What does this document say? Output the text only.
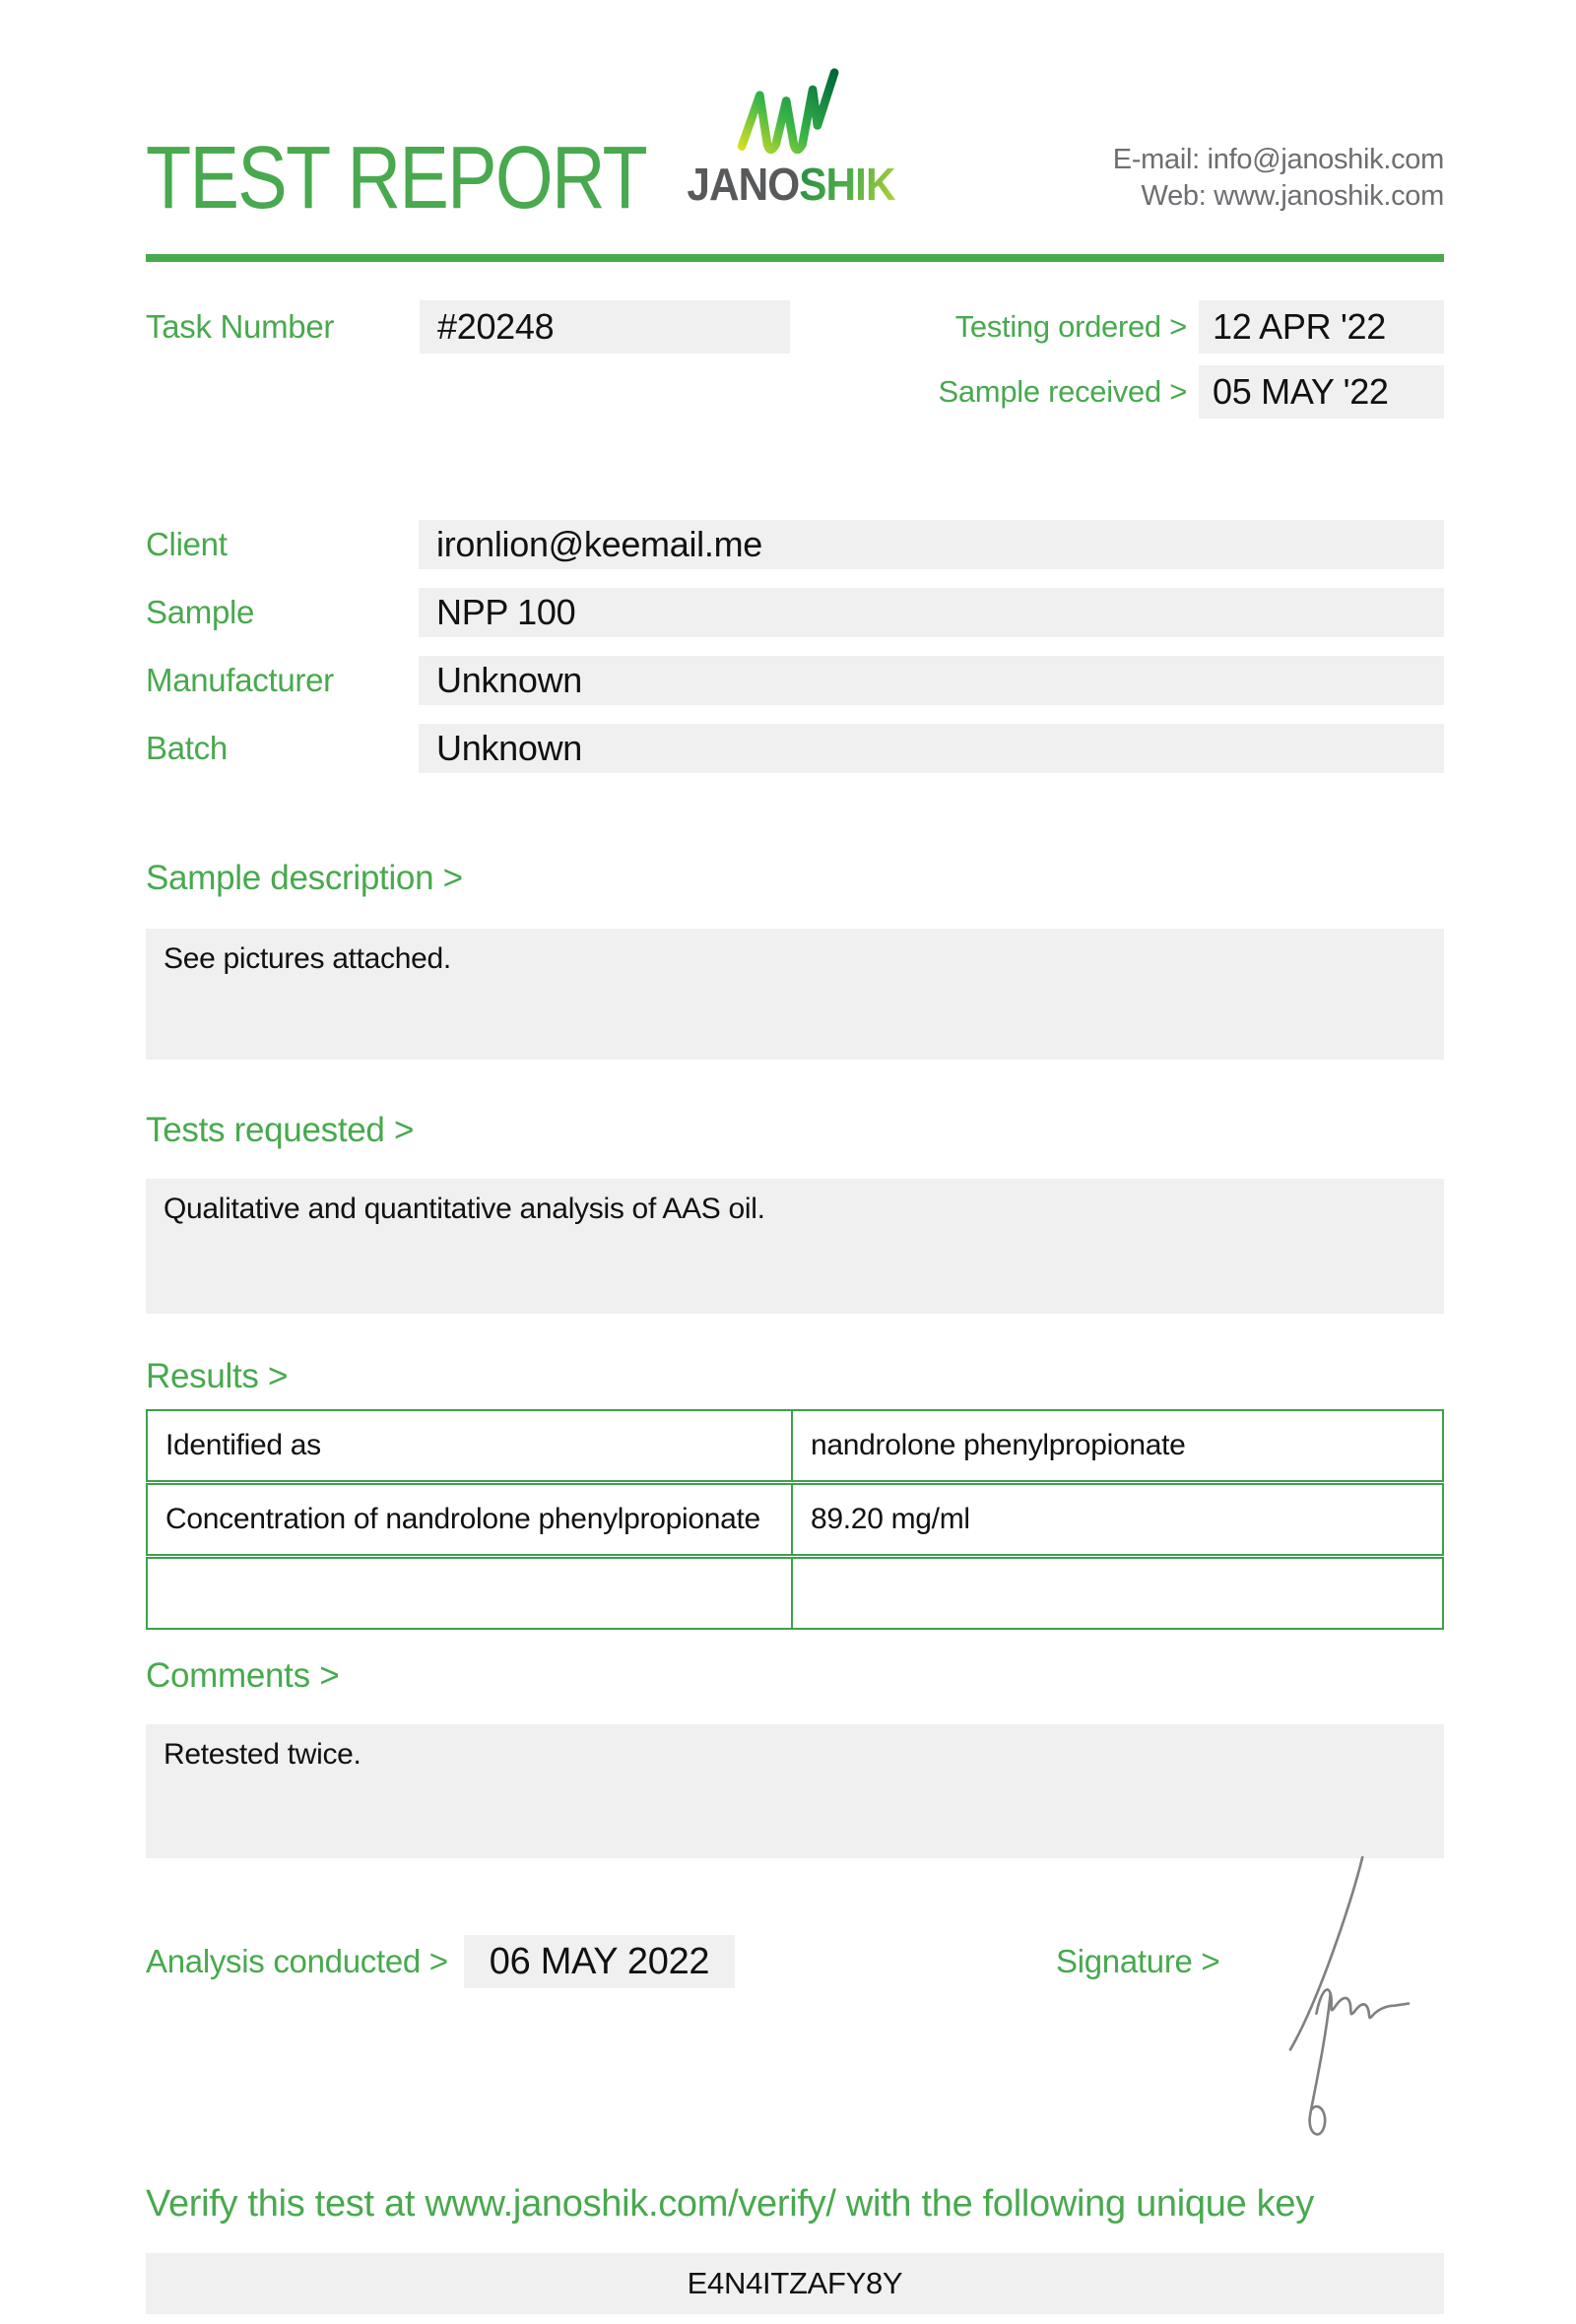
TEST REPORT JANOSHIK	E-mail: info@janoshik.com
Web: www.janoshik.com
Task Number	#20248	Testing ordered > 12 APR '22
Sample received > 05 MAY '22
Client	ironlion@keemail.me
Sample	NPP 100
Manufacturer	Unknown
Batch	Unknown
Sample description >
See pictures attached.
Tests requested >
Qualitative and quantitative analysis of AAS oil.
Results >
Identified as	nandrolone phenylpropionate
Concentration of nandrolone phenylpropionate	89.20 mg/ml
Comments >
Retested twice.
Analysis conducted >	06 MAY 2022	Signature >
Verify this test at www.janoshik.com/verify/ with the following unique key
E4N4ITZAFY8Y
